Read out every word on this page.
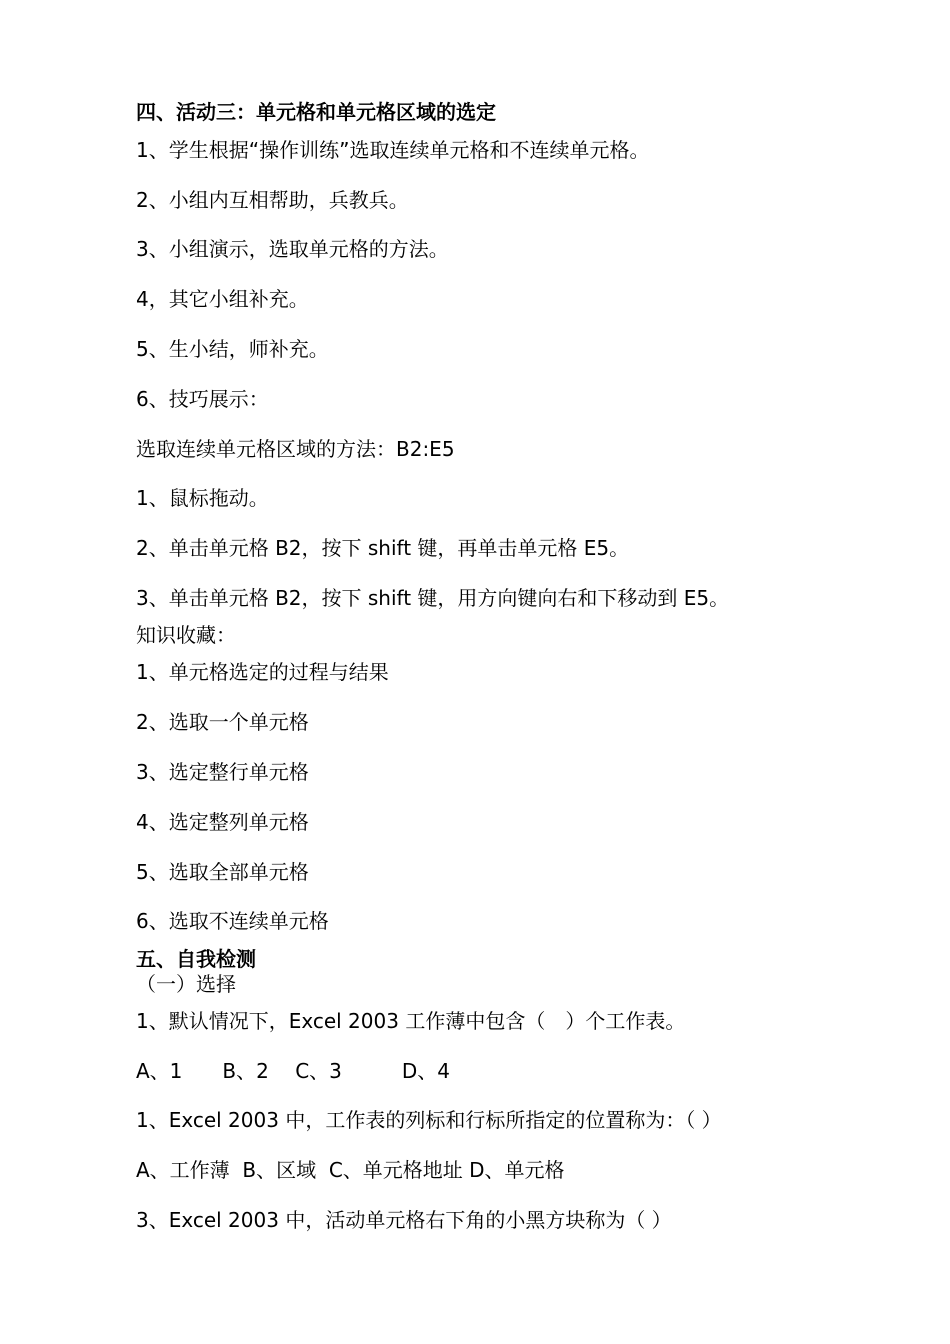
四、活动三：单元格和单元格区域的选定
1、学生根据“操作训练”选取连续单元格和不连续单元格。
2、小组内互相帮助，兵教兵。
3、小组演示，选取单元格的方法。
4，其它小组补充。
5、生小结，师补充。
6、技巧展示：
选取连续单元格区域的方法：B2:E5
1、鼠标拖动。
2、单击单元格 B2，按下 shift 键，再单击单元格 E5。
3、单击单元格 B2，按下 shift 键，用方向键向右和下移动到 E5。
知识收藏：
1、单元格选定的过程与结果
2、选取一个单元格
3、选定整行单元格
4、选定整列单元格
5、选取全部单元格
6、选取不连续单元格
五、自我检测
（一）选择
1、默认情况下，Excel 2003 工作薄中包含（　）个工作表。
A、1　　B、2　 C、3　　　D、4
1、Excel 2003 中，工作表的列标和行标所指定的位置称为：（ ）
A、工作薄  B、区域  C、单元格地址 D、单元格
3、Excel 2003 中，活动单元格右下角的小黑方块称为（ ）
